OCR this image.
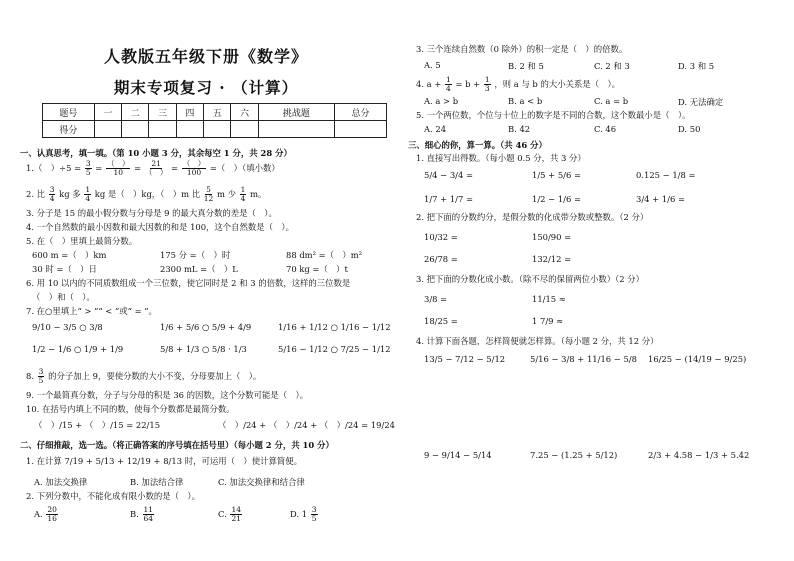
人教版五年级下册《数学》
期末专项复习 · （计算）
题号	一	二	三	四	五	六	挑战题	总分
得分								
一、认真思考，填一填。（第 10 小题 3 分，其余每空 1 分，共 28 分）
1.（　）$\div 5 = \frac{3}{5} = \frac{( )}{10} = \frac{21}{( )} = \frac{( )}{100}$ =（　）（填小数）
2. 比 $\frac{3}{4}$ kg 多 $\frac{1}{4}$ kg 是（　）kg，（　）m 比 $\frac{5}{12}$ m 少 $\frac{1}{4}$ m。
3. 分子是 15 的最小假分数与分母是 9 的最大真分数的差是（　）。
4. 一个自然数的最小因数和最大因数的和是 100，这个自然数是（　）。
5. 在（　）里填上最简分数。
600 m =（　）km	175 分 =（　）时	88 dm² =（　）m²
30 时 =（　）日	2300 mL =（　）L	70 kg =（　）t
6. 用 10 以内的不同质数组成一个三位数，使它同时是 2 和 3 的倍数，这样的三位数是
（　）和（　）。
7. 在○里填上“ > ”“ < ”或“ = ”。
9/10 − 3/5 ○ 3/8	1/6 + 5/6 ○ 5/9 + 4/9	1/16 + 1/12 ○ 1/16 − 1/12
1/2 − 1/6 ○ 1/9 + 1/9	5/8 + 1/3 ○ 5/8 · 1/3	5/16 − 1/12 ○ 7/25 − 1/12
8. $\frac{3}{5}$ 的分子加上 9，要使分数的大小不变，分母要加上（　）。
9. 一个最简真分数，分子与分母的积是 36 的因数，这个分数可能是（　）。
10. 在括号内填上不同的数，使每个分数都是最简分数。
（　）/15 + （　）/15 = 22/15	（　）/24 + （　）/24 + （　）/24 = 19/24
二、仔细推敲，选一选。（将正确答案的序号填在括号里）（每小题 2 分，共 10 分）
1. 在计算 7/19 + 5/13 + 12/19 + 8/13 时，可运用（　）使计算简便。
A. 加法交换律	B. 加法结合律	C. 加法交换律和结合律
2. 下列分数中，不能化成有限小数的是（　）。
A. $\frac{20}{16}$	B. $\frac{11}{64}$	C. $\frac{14}{21}$	D. $1 \frac{3}{5}$
3. 三个连续自然数（0 除外）的积一定是（　）的倍数。
A. 5	B. 2 和 5	C. 2 和 3	D. 3 和 5
4. $a + \frac{1}{4} = b + \frac{1}{3}$ ，则 a 与 b 的大小关系是（　）。
A. a > b	B. a < b	C. a = b	D. 无法确定
5. 一个两位数，个位与十位上的数字是不同的合数，这个数最小是（　）。
A. 24	B. 42	C. 46	D. 50
三、细心的你，算一算。（共 46 分）
1. 直接写出得数。（每小题 0.5 分，共 3 分）
5/4 − 3/4 =	1/5 + 5/6 =	0.125 − 1/8 =
1/7 + 1/7 =	1/2 − 1/6 =	3/4 + 1/6 =
2. 把下面的分数约分，是假分数的化成带分数或整数。（2 分）
10/32 =	150/90 =
26/78 =	132/12 =
3. 把下面的分数化成小数。（除不尽的保留两位小数）（2 分）
3/8 =	11/15 ≈
18/25 =	1 7/9 ≈
4. 计算下面各题，怎样简便就怎样算。（每小题 2 分，共 12 分）
13/5 − 7/12 − 5/12	5/16 − 3/8 + 11/16 − 5/8 16/25 − (14/19 − 9/25)
9 − 9/14 − 5/14	7.25 − (1.25 + 5/12)	2/3 + 4.58 − 1/3 + 5.42
